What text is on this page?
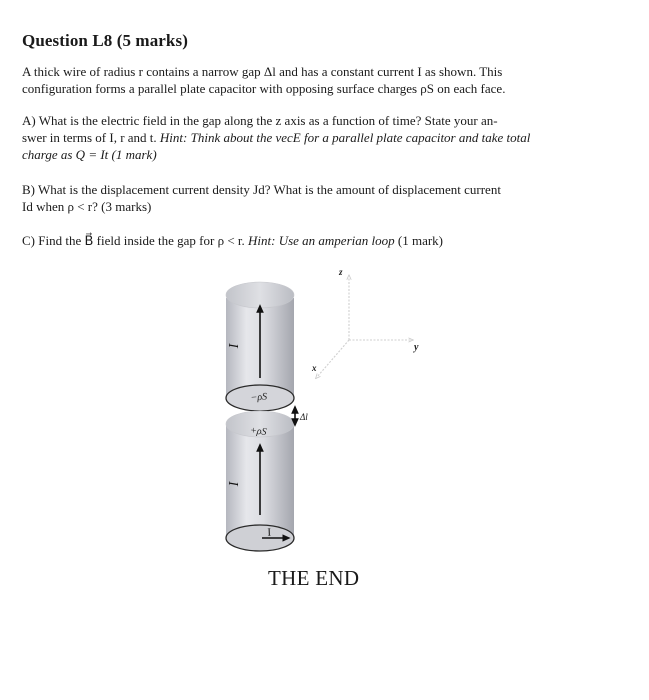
Question L8 (5 marks)
A thick wire of radius r contains a narrow gap Δl and has a constant current I as shown. This
configuration forms a parallel plate capacitor with opposing surface charges ρS on each face.
A) What is the electric field in the gap along the z axis as a function of time? State your an-
swer in terms of I, r and t. Hint: Think about the vecE for a parallel plate capacitor and take total
charge as Q = It (1 mark)
B) What is the displacement current density Jd? What is the amount of displacement current
Id when ρ < r? (3 marks)
C) Find the B⃗ field inside the gap for ρ < r. Hint: Use an amperian loop (1 mark)
I
−ρS
I
+ρS
I
Δl
z
y
x
THE END
